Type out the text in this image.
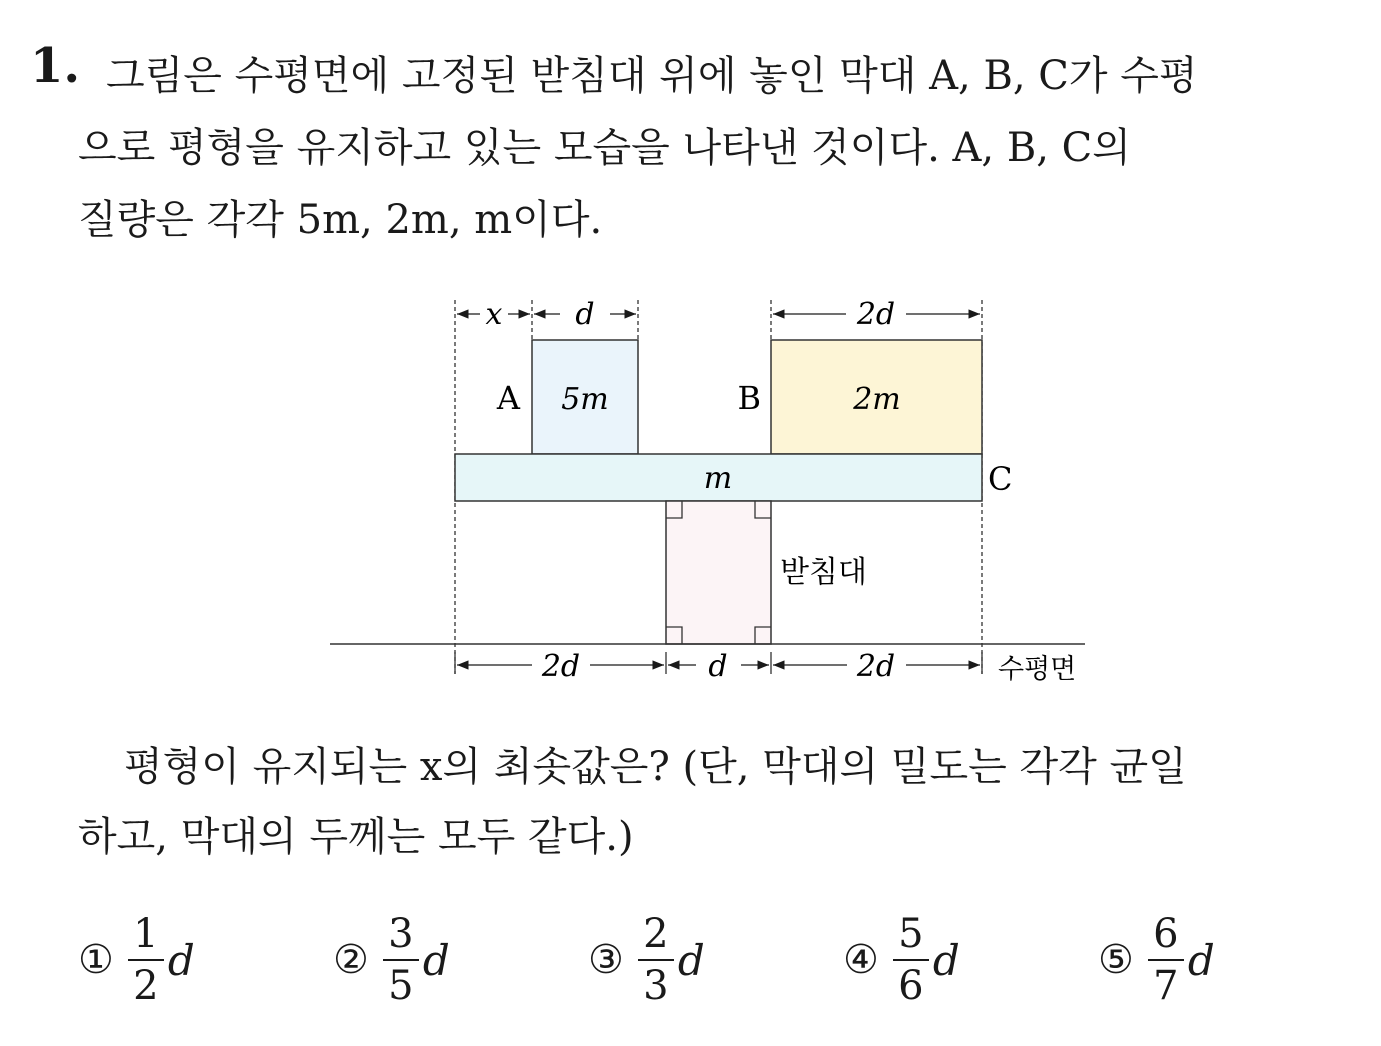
1. 그림은 수평면에 고정된 받침대 위에 놓인 막대 A, B, C가 수평
으로 평형을 유지하고 있는 모습을 나타낸 것이다. A, B, C의
질량은 각각 5m, 2m, m이다.
x d	2d
A 5m	B	2m
m	C
받침대
2d	d	2d	수평면
평형이 유지되는 x의 최솟값은? (단, 막대의 밀도는 각각 균일
하고, 막대의 두께는 모두 같다.)
① $\frac{1}{2}$ d	② $\frac{3}{5}$ d	③ $\frac{2}{3}$ d	④ $\frac{5}{6}$ d	⑤ $\frac{6}{7}$ d
